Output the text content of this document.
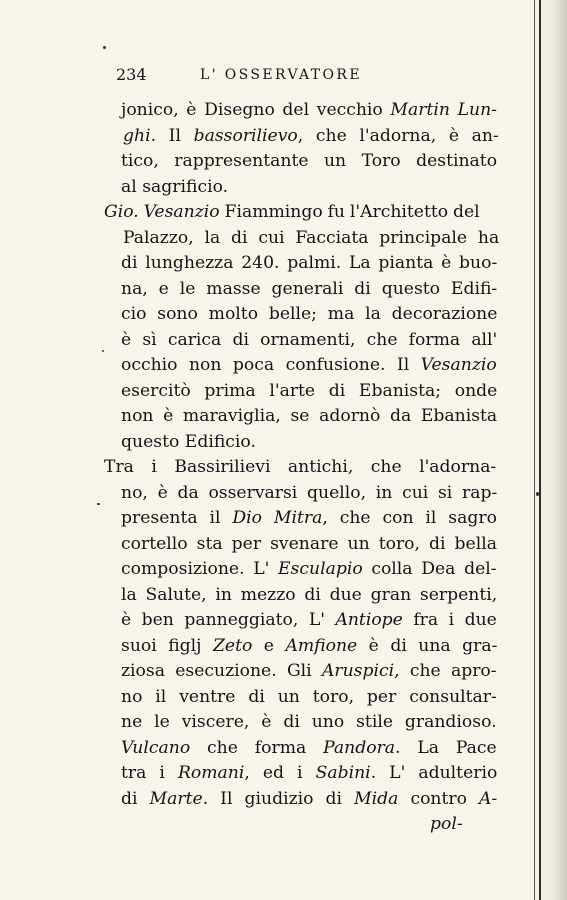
234	L' OSSERVATORE
jonico, è Disegno del vecchio Martin Lun-
ghi. Il bassorilievo, che l'adorna, è an-
tico, rappresentante un Toro destinato
al sagrificio.
Gio. Vesanzio Fiammingo fu l'Architetto del
Palazzo, la di cui Facciata principale ha
di lunghezza 240. palmi. La pianta è buo-
na, e le masse generali di questo Edifi-
cio sono molto belle; ma la decorazione
è sì carica di ornamenti, che forma all'
occhio non poca confusione. Il Vesanzio
esercitò prima l'arte di Ebanista; onde
non è maraviglia, se adornò da Ebanista
questo Edificio.
Tra i Bassirilievi antichi, che l'adorna-
no, è da osservarsi quello, in cui si rap-
presenta il Dio Mitra, che con il sagro
cortello sta per svenare un toro, di bella
composizione. L' Esculapio colla Dea del-
la Salute, in mezzo di due gran serpenti,
è ben panneggiato, L' Antiope fra i due
suoi figlj Zeto e Amfione è di una gra-
ziosa esecuzione. Gli Aruspici, che apro-
no il ventre di un toro, per consultar-
ne le viscere, è di uno stile grandioso.
Vulcano che forma Pandora. La Pace
tra i Romani, ed i Sabini. L' adulterio
di Marte. Il giudizio di Mida contro A-
pol-
